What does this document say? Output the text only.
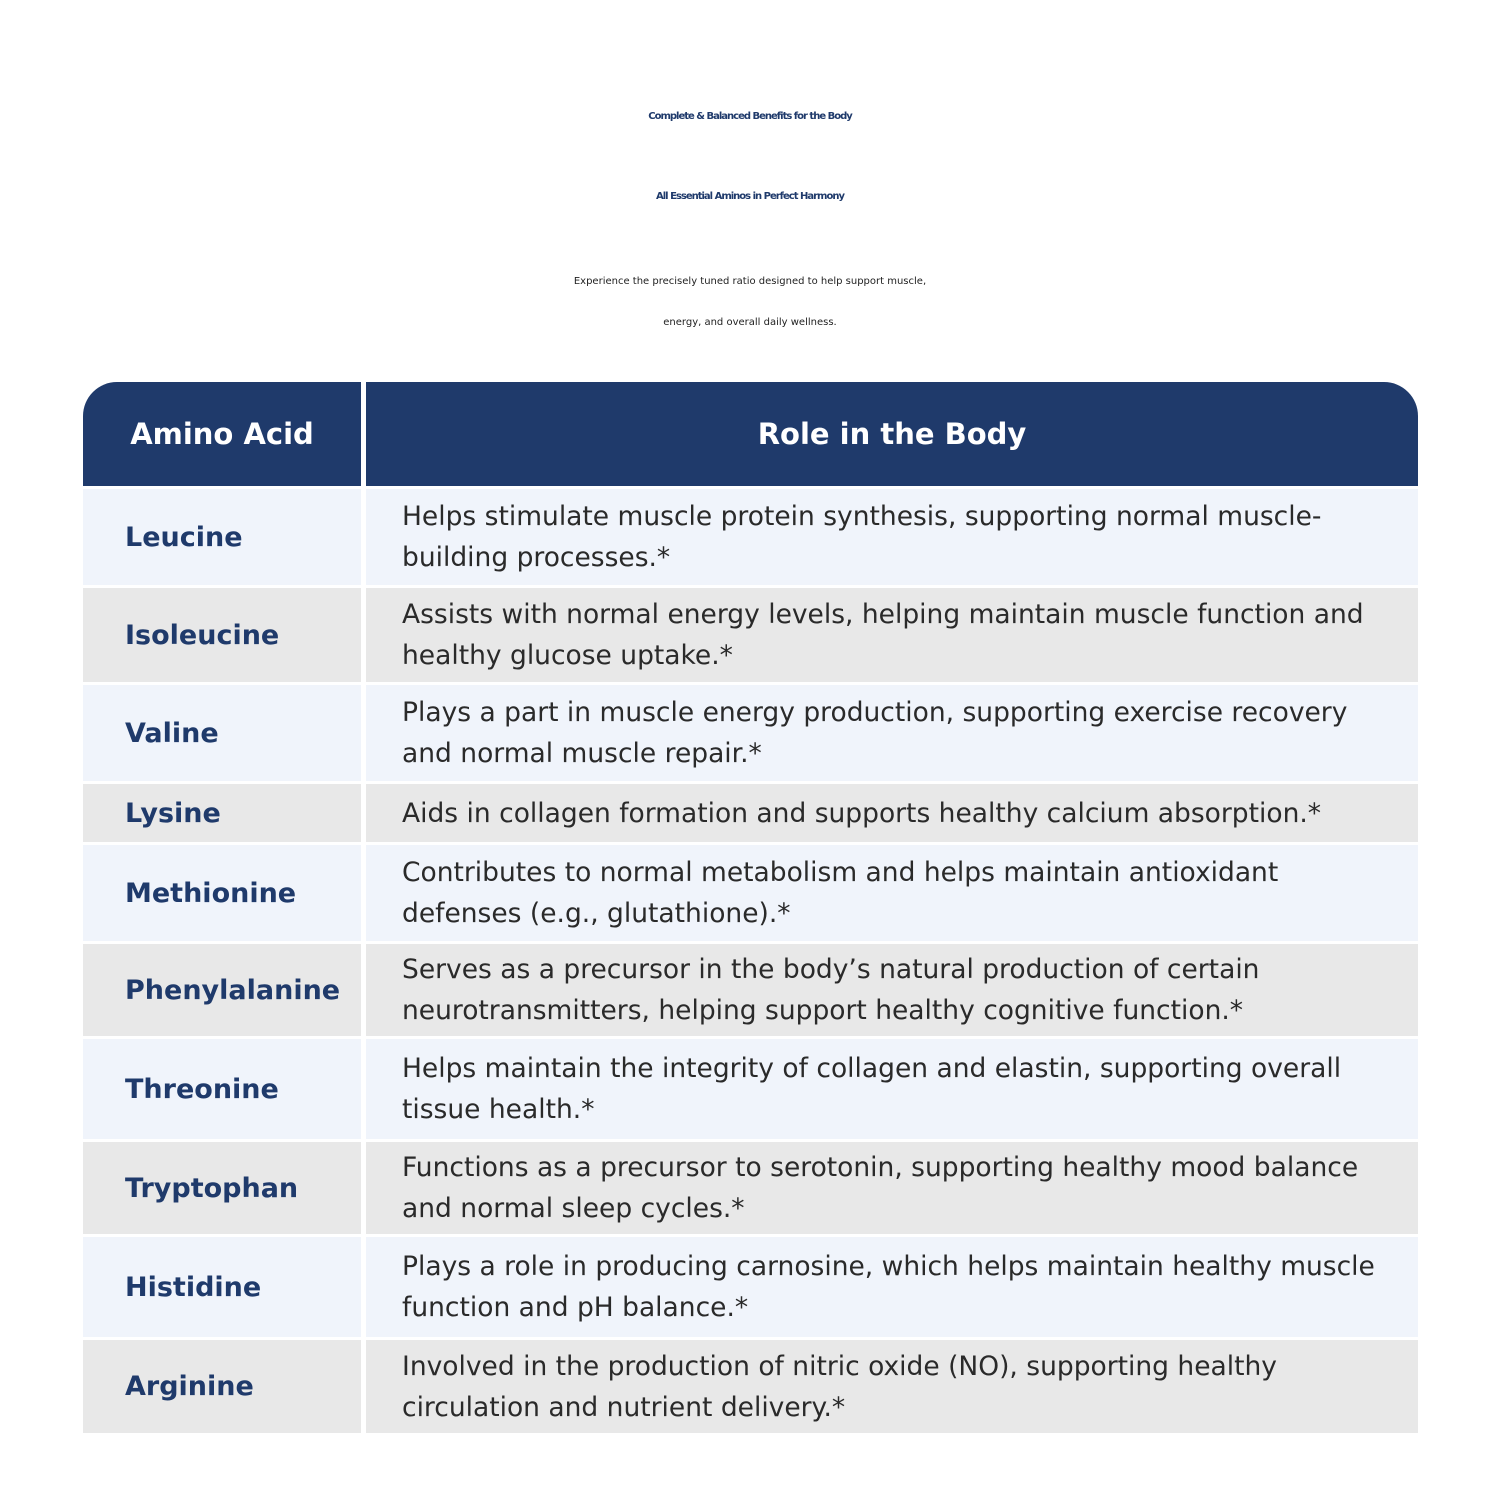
Complete & Balanced Benefits for the Body
All Essential Aminos in Perfect Harmony
Experience the precisely tuned ratio designed to help support muscle,
energy, and overall daily wellness.
Amino Acid	Role in the Body
Leucine
Helps stimulate muscle protein synthesis, supporting normal muscle-building processes.*
Isoleucine
Assists with normal energy levels, helping maintain muscle function and healthy glucose uptake.*
Valine
Plays a part in muscle energy production, supporting exercise recovery and normal muscle repair.*
Lysine	Aids in collagen formation and supports healthy calcium absorption.*
Methionine
Contributes to normal metabolism and helps maintain antioxidant defenses (e.g., glutathione).*
Phenylalanine
Serves as a precursor in the body’s natural production of certain neurotransmitters, helping support healthy cognitive function.*
Threonine
Helps maintain the integrity of collagen and elastin, supporting overall tissue health.*
Tryptophan
Functions as a precursor to serotonin, supporting healthy mood balance and normal sleep cycles.*
Histidine
Plays a role in producing carnosine, which helps maintain healthy muscle function and pH balance.*
Arginine
Involved in the production of nitric oxide (NO), supporting healthy circulation and nutrient delivery.*
